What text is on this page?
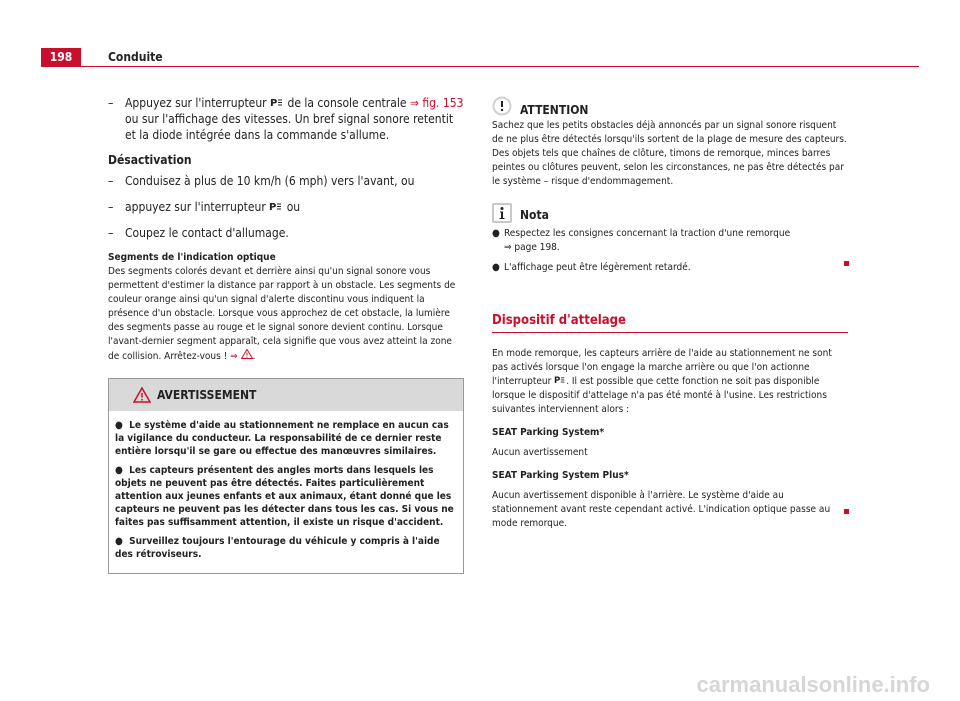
198	Conduite
– Appuyez sur l'interrupteur P de la console centrale ⇒ fig. 153 ou sur l'affichage des vitesses. Un bref signal sonore retentit et la diode intégrée dans la commande s'allume.
Désactivation
– Conduisez à plus de 10 km/h (6 mph) vers l'avant, ou
– appuyez sur l'interrupteur P ou
– Coupez le contact d'allumage.
Segments de l'indication optique
Des segments colorés devant et derrière ainsi qu'un signal sonore vous permettent d'estimer la distance par rapport à un obstacle. Les segments de couleur orange ainsi qu'un signal d'alerte discontinu vous indiquent la présence d'un obstacle. Lorsque vous approchez de cet obstacle, la lumière des segments passe au rouge et le signal sonore devient continu. Lorsque l'avant-dernier segment apparaît, cela signifie que vous avez atteint la zone de collision. Arrêtez-vous ! ⇒ .
AVERTISSEMENT

●  Le système d'aide au stationnement ne remplace en aucun cas la vigilance du conducteur. La responsabilité de ce dernier reste entière lorsqu'il se gare ou effectue des manœuvres similaires.

●  Les capteurs présentent des angles morts dans lesquels les objets ne peuvent pas être détectés. Faites particulièrement attention aux jeunes enfants et aux animaux, étant donné que les capteurs ne peuvent pas les détecter dans tous les cas. Si vous ne faites pas suffisamment attention, il existe un risque d'accident.

●  Surveillez toujours l'entourage du véhicule y compris à l'aide des rétroviseurs.

ATTENTION
Sachez que les petits obstacles déjà annoncés par un signal sonore risquent de ne plus être détectés lorsqu'ils sortent de la plage de mesure des capteurs. Des objets tels que chaînes de clôture, timons de remorque, minces barres peintes ou clôtures peuvent, selon les circonstances, ne pas être détectés par le système – risque d'endommagement.
Nota
● Respectez les consignes concernant la traction d'une remorque
⇒ page 198.
● L'affichage peut être légèrement retardé.
Dispositif d'attelage
En mode remorque, les capteurs arrière de l'aide au stationnement ne sont pas activés lorsque l'on engage la marche arrière ou que l'on actionne l'interrupteur P . Il est possible que cette fonction ne soit pas disponible lorsque le dispositif d'attelage n'a pas été monté à l'usine. Les restrictions suivantes interviennent alors :
SEAT Parking System*
Aucun avertissement
SEAT Parking System Plus*
Aucun avertissement disponible à l'arrière. Le système d'aide au stationnement avant reste cependant activé. L'indication optique passe au mode remorque.
carmanualsonline.info
